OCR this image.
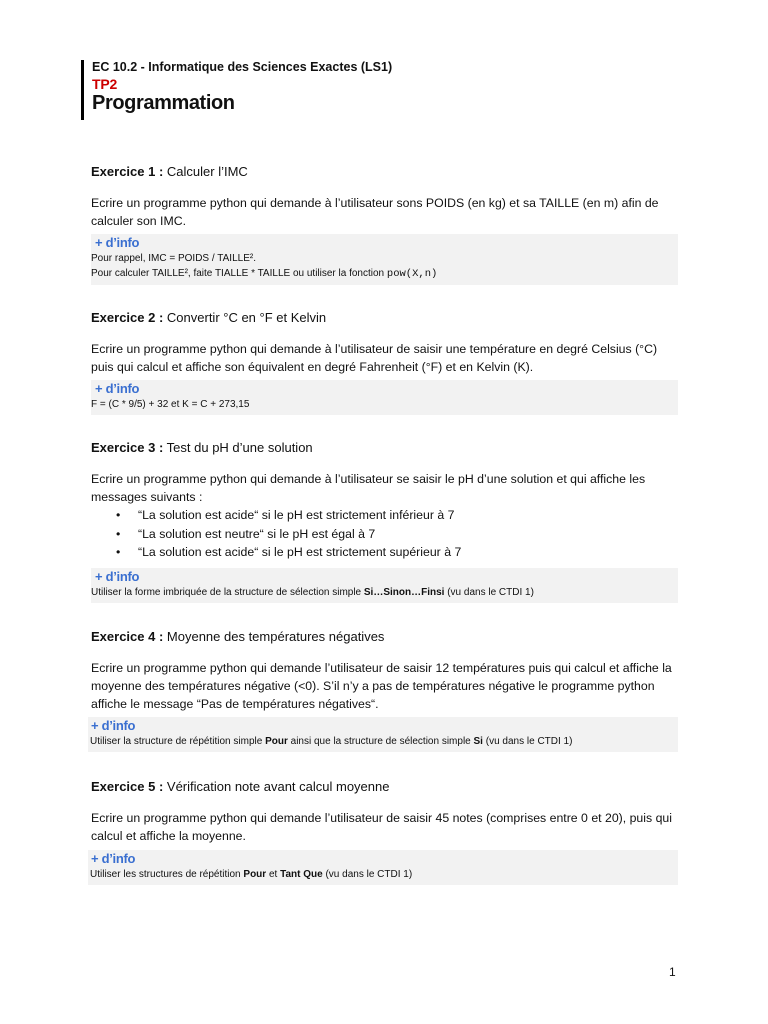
EC 10.2 - Informatique des Sciences Exactes (LS1)

TP2

Programmation

Exercice 1 : Calculer l’IMC

Ecrire un programme python qui demande à l’utilisateur sons POIDS (en kg) et sa TAILLE (en m) afin de calculer son IMC.

+ d’info

Pour rappel, IMC = POIDS / TAILLE².

Pour calculer TAILLE², faite TIALLE * TAILLE ou utiliser la fonction pow(X,n)

Exercice 2 : Convertir °C en °F et Kelvin

Ecrire un programme python qui demande à l’utilisateur de saisir une température en degré Celsius (°C) puis qui calcul et affiche son équivalent en degré Fahrenheit (°F) et en Kelvin (K).

+ d’info

F = (C * 9/5) + 32 et K = C + 273,15

Exercice 3 : Test du pH d’une solution

Ecrire un programme python qui demande à l’utilisateur se saisir le pH d’une solution et qui affiche les messages suivants :

• “La solution est acide“ si le pH est strictement inférieur à 7
• “La solution est neutre“ si le pH est égal à 7
• “La solution est acide“ si le pH est strictement supérieur à 7

+ d’info

Utiliser la forme imbriquée de la structure de sélection simple Si…Sinon…Finsi (vu dans le CTDI 1)

Exercice 4 : Moyenne des températures négatives

Ecrire un programme python qui demande l’utilisateur de saisir 12 températures puis qui calcul et affiche la moyenne des températures négative (<0). S’il n’y a pas de températures négative le programme python affiche le message “Pas de températures négatives“.

+ d’info

Utiliser la structure de répétition simple Pour ainsi que la structure de sélection simple Si (vu dans le CTDI 1)

Exercice 5 : Vérification note avant calcul moyenne

Ecrire un programme python qui demande l’utilisateur de saisir 45 notes (comprises entre 0 et 20), puis qui calcul et affiche la moyenne.

+ d’info

Utiliser les structures de répétition Pour et Tant Que (vu dans le CTDI 1)

1
